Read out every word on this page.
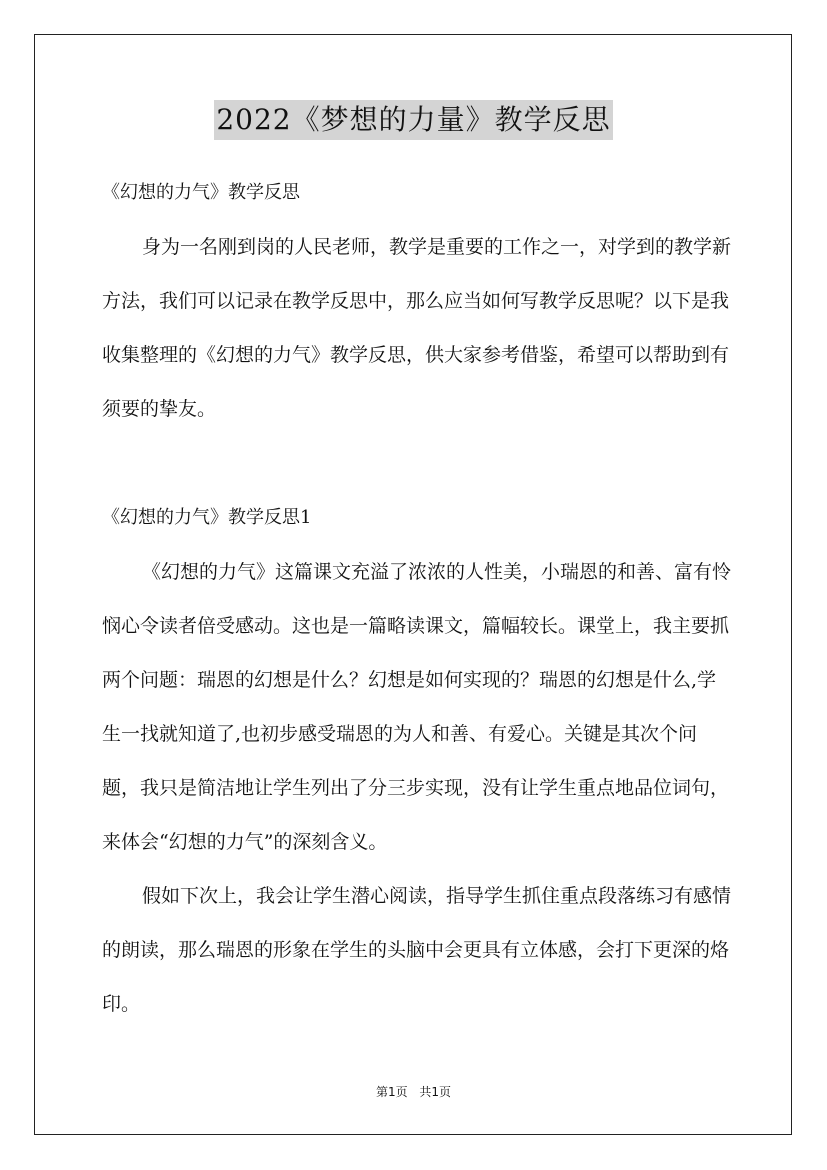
2022《梦想的力量》教学反思

《幻想的力气》教学反思

身为一名刚到岗的人民老师，教学是重要的工作之一，对学到的教学新方法，我们可以记录在教学反思中，那么应当如何写教学反思呢？以下是我收集整理的《幻想的力气》教学反思，供大家参考借鉴，希望可以帮助到有须要的挚友。

《幻想的力气》教学反思1

《幻想的力气》这篇课文充溢了浓浓的人性美，小瑞恩的和善、富有怜悯心令读者倍受感动。这也是一篇略读课文，篇幅较长。课堂上，我主要抓两个问题：瑞恩的幻想是什么？幻想是如何实现的？瑞恩的幻想是什么,学生一找就知道了,也初步感受瑞恩的为人和善、有爱心。关键是其次个问题，我只是简洁地让学生列出了分三步实现，没有让学生重点地品位词句，来体会“幻想的力气”的深刻含义。

假如下次上，我会让学生潜心阅读，指导学生抓住重点段落练习有感情的朗读，那么瑞恩的形象在学生的头脑中会更具有立体感，会打下更深的烙印。

第1页 共1页
